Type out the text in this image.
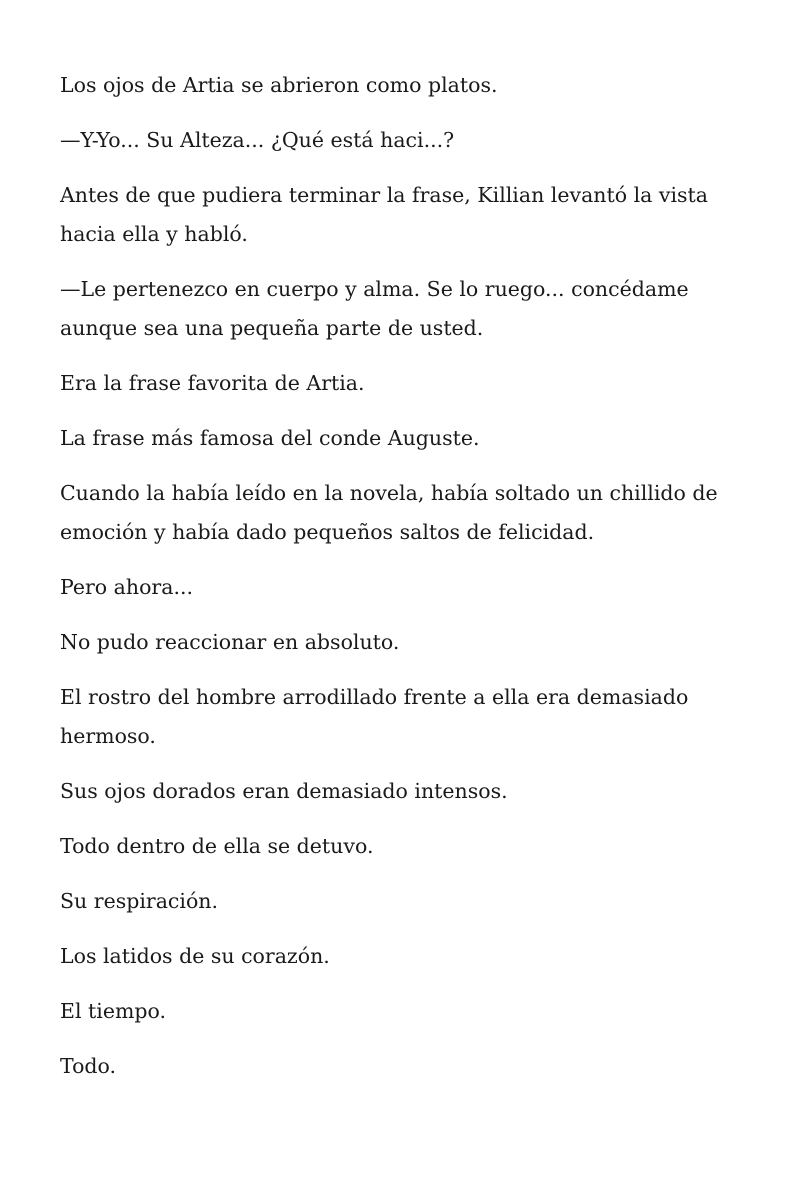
Los ojos de Artia se abrieron como platos.

—Y-Yo... Su Alteza... ¿Qué está haci...?

Antes de que pudiera terminar la frase, Killian levantó la vista hacia ella y habló.

—Le pertenezco en cuerpo y alma. Se lo ruego... concédame aunque sea una pequeña parte de usted.

Era la frase favorita de Artia.

La frase más famosa del conde Auguste.

Cuando la había leído en la novela, había soltado un chillido de emoción y había dado pequeños saltos de felicidad.

Pero ahora...

No pudo reaccionar en absoluto.

El rostro del hombre arrodillado frente a ella era demasiado hermoso.

Sus ojos dorados eran demasiado intensos.

Todo dentro de ella se detuvo.

Su respiración.

Los latidos de su corazón.

El tiempo.

Todo.
